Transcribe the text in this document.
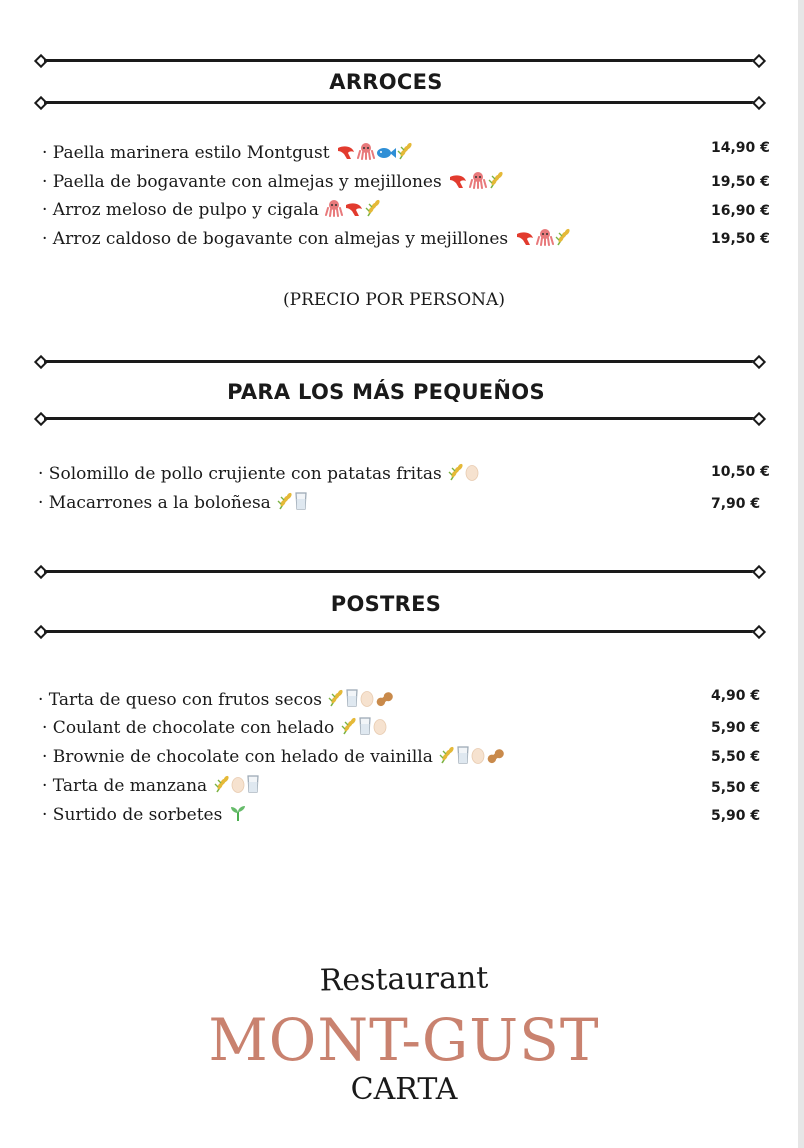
ARROCES
· Paella marinera estilo Montgust	14,90 €
· Paella de bogavante con almejas y mejillones	19,50 €
· Arroz meloso de pulpo y cigala	16,90 €
· Arroz caldoso de bogavante con almejas y mejillones	19,50 €
(PRECIO POR PERSONA)
PARA LOS MÁS PEQUEÑOS
· Solomillo de pollo crujiente con patatas fritas	10,50 €
· Macarrones a la boloñesa	7,90 €
POSTRES
· Tarta de queso con frutos secos	4,90 €
· Coulant de chocolate con helado	5,90 €
· Brownie de chocolate con helado de vainilla	5,50 €
· Tarta de manzana	5,50 €
· Surtido de sorbetes	5,90 €
Restaurant
MONT-GUST
CARTA
